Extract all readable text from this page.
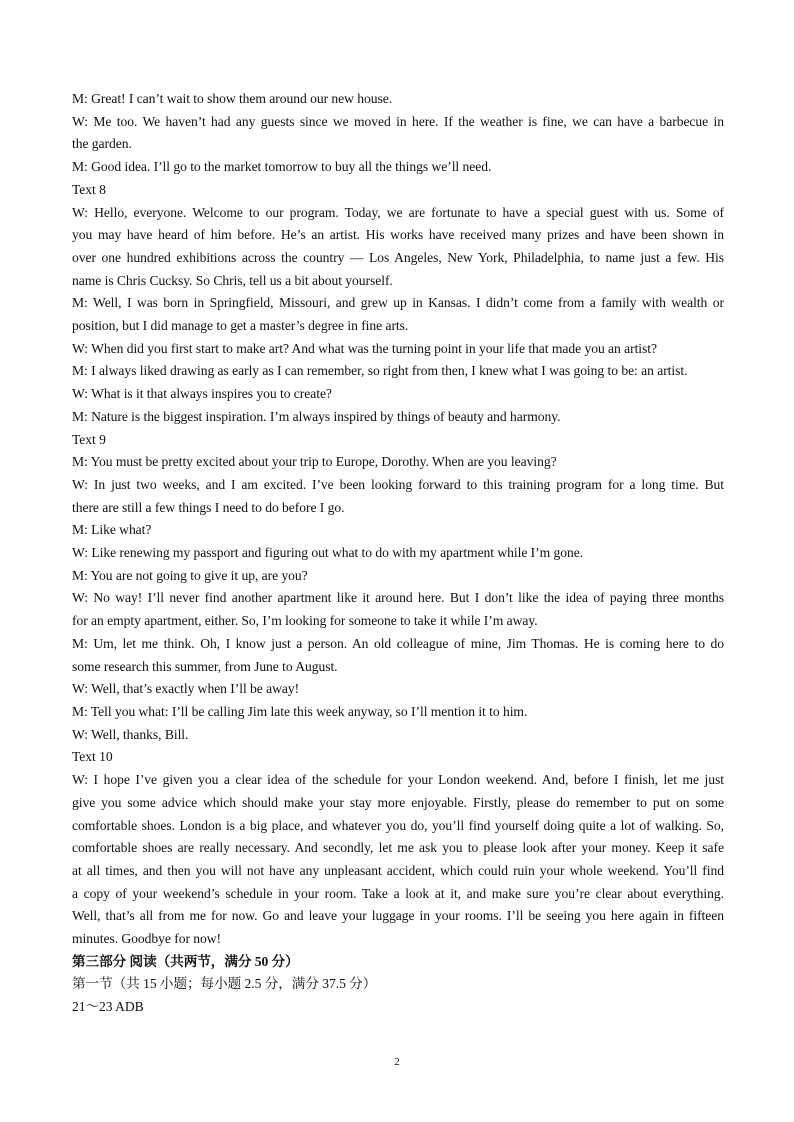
M: Great! I can’t wait to show them around our new house.
W: Me too. We haven’t had any guests since we moved in here. If the weather is fine, we can have a barbecue in
the garden.
M: Good idea. I’ll go to the market tomorrow to buy all the things we’ll need.
Text 8
W: Hello, everyone. Welcome to our program. Today, we are fortunate to have a special guest with us. Some of
you may have heard of him before. He’s an artist. His works have received many prizes and have been shown in
over one hundred exhibitions across the country — Los Angeles, New York, Philadelphia, to name just a few. His
name is Chris Cucksy. So Chris, tell us a bit about yourself.
M: Well, I was born in Springfield, Missouri, and grew up in Kansas. I didn’t come from a family with wealth or
position, but I did manage to get a master’s degree in fine arts.
W: When did you first start to make art? And what was the turning point in your life that made you an artist?
M: I always liked drawing as early as I can remember, so right from then, I knew what I was going to be: an artist.
W: What is it that always inspires you to create?
M: Nature is the biggest inspiration. I’m always inspired by things of beauty and harmony.
Text 9
M: You must be pretty excited about your trip to Europe, Dorothy. When are you leaving?
W: In just two weeks, and I am excited. I’ve been looking forward to this training program for a long time. But
there are still a few things I need to do before I go.
M: Like what?
W: Like renewing my passport and figuring out what to do with my apartment while I’m gone.
M: You are not going to give it up, are you?
W: No way! I’ll never find another apartment like it around here. But I don’t like the idea of paying three months
for an empty apartment, either. So, I’m looking for someone to take it while I’m away.
M: Um, let me think. Oh, I know just a person. An old colleague of mine, Jim Thomas. He is coming here to do
some research this summer, from June to August.
W: Well, that’s exactly when I’ll be away!
M: Tell you what: I’ll be calling Jim late this week anyway, so I’ll mention it to him.
W: Well, thanks, Bill.
Text 10
W: I hope I’ve given you a clear idea of the schedule for your London weekend. And, before I finish, let me just
give you some advice which should make your stay more enjoyable. Firstly, please do remember to put on some
comfortable shoes. London is a big place, and whatever you do, you’ll find yourself doing quite a lot of walking. So,
comfortable shoes are really necessary. And secondly, let me ask you to please look after your money. Keep it safe
at all times, and then you will not have any unpleasant accident, which could ruin your whole weekend. You’ll find
a copy of your weekend’s schedule in your room. Take a look at it, and make sure you’re clear about everything.
Well, that’s all from me for now. Go and leave your luggage in your rooms. I’ll be seeing you here again in fifteen
minutes. Goodbye for now!
第三部分 阅读（共两节，满分 50 分）
第一节（共 15 小题；每小题 2.5 分，满分 37.5 分）
21～23 ADB
2
